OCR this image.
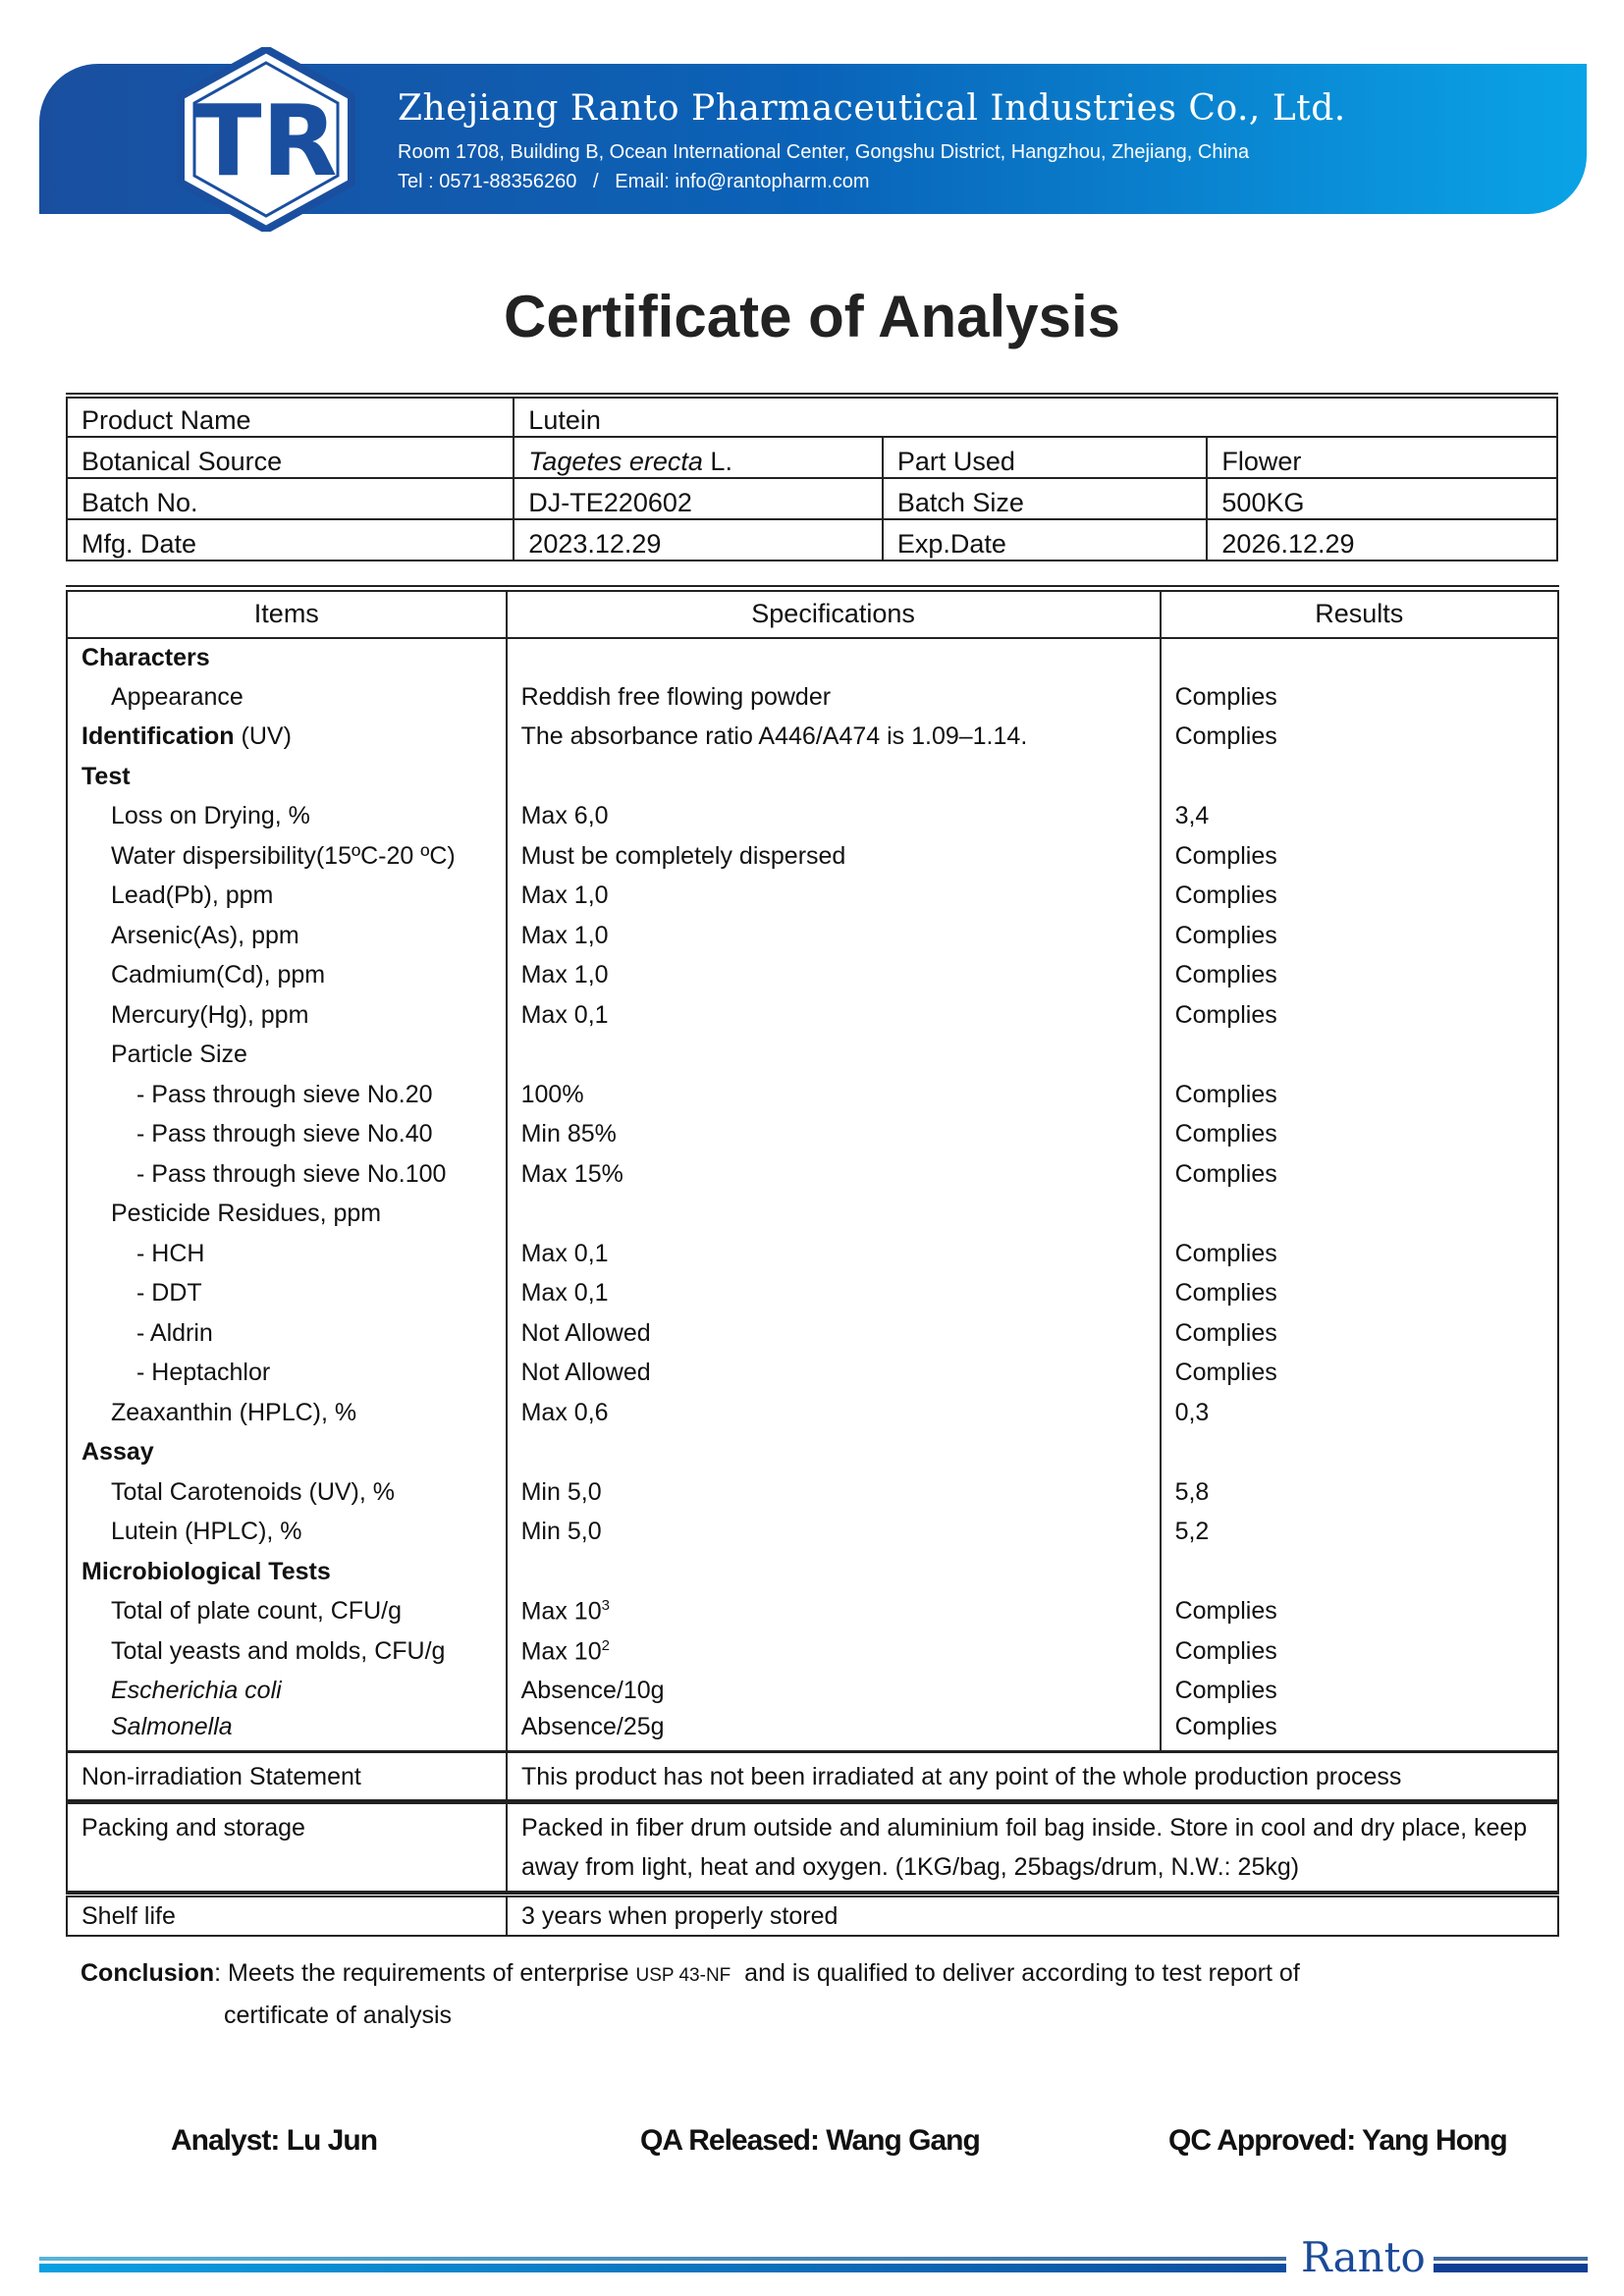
TR Zhejiang Ranto Pharmaceutical Industries Co., Ltd.
Room 1708, Building B, Ocean International Center, Gongshu District, Hangzhou, Zhejiang, China
Tel : 0571-88356260   /   Email: info@rantopharm.com
Certificate of Analysis
Product Name	Lutein		
Botanical Source	Tagetes erecta L.	Part Used	Flower
Batch No.	DJ-TE220602	Batch Size	500KG
Mfg. Date	2023.12.29	Exp.Date	2026.12.29
Items	Specifications	Results
Characters		
Appearance	Reddish free flowing powder	Complies
Identification (UV)	The absorbance ratio A446/A474 is 1.09–1.14.	Complies
Test		
Loss on Drying, %	Max 6,0	3,4
Water dispersibility(15ºC-20 ºC)	Must be completely dispersed	Complies
Lead(Pb), ppm	Max 1,0	Complies
Arsenic(As), ppm	Max 1,0	Complies
Cadmium(Cd), ppm	Max 1,0	Complies
Mercury(Hg), ppm	Max 0,1	Complies
Particle Size		
- Pass through sieve No.20	100%	Complies
- Pass through sieve No.40	Min 85%	Complies
- Pass through sieve No.100	Max 15%	Complies
Pesticide Residues, ppm		
- HCH	Max 0,1	Complies
- DDT	Max 0,1	Complies
- Aldrin	Not Allowed	Complies
- Heptachlor	Not Allowed	Complies
Zeaxanthin (HPLC), %	Max 0,6	0,3
Assay		
Total Carotenoids (UV), %	Min 5,0	5,8
Lutein (HPLC), %	Min 5,0	5,2
Microbiological Tests		
Total of plate count, CFU/g	Max $10^3$	Complies
Total yeasts and molds, CFU/g	Max $10^2$	Complies
Escherichia coli	Absence/10g	Complies
Salmonella	Absence/25g	Complies
Non-irradiation Statement	This product has not been irradiated at any point of the whole production process
Packing and storage	Packed in fiber drum outside and aluminium foil bag inside. Store in cool and dry place, keep away from light, heat and oxygen. (1KG/bag, 25bags/drum, N.W.: 25kg)
Shelf life	3 years when properly stored
Conclusion: Meets the requirements of enterprise USP 43-NF  and is qualified to deliver according to test report of
certificate of analysis
Analyst: Lu Jun	QA Released: Wang Gang	QC Approved: Yang Hong
Ranto
